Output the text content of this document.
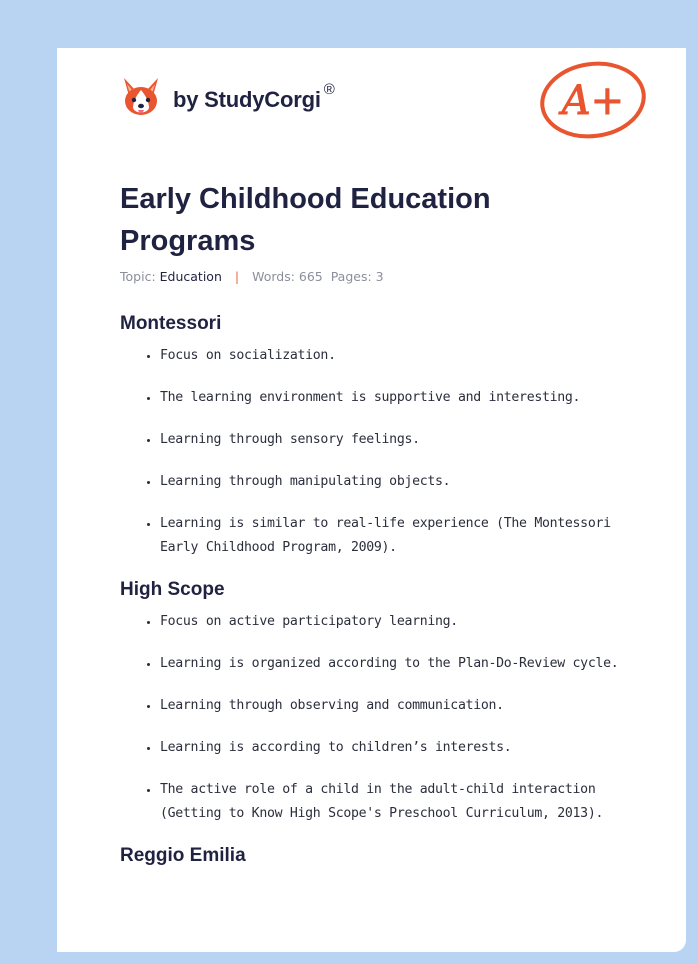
by StudyCorgi ®	A+
Early Childhood Education Programs
Topic: Education | Words: 665 Pages: 3
Montessori
• Focus on socialization.
• The learning environment is supportive and interesting.
• Learning through sensory feelings.
• Learning through manipulating objects.
• Learning is similar to real-life experience (The Montessori Early Childhood Program, 2009).
High Scope
• Focus on active participatory learning.
• Learning is organized according to the Plan-Do-Review cycle.
• Learning through observing and communication.
• Learning is according to children’s interests.
• The active role of a child in the adult-child interaction (Getting to Know High Scope's Preschool Curriculum, 2013).
Reggio Emilia
